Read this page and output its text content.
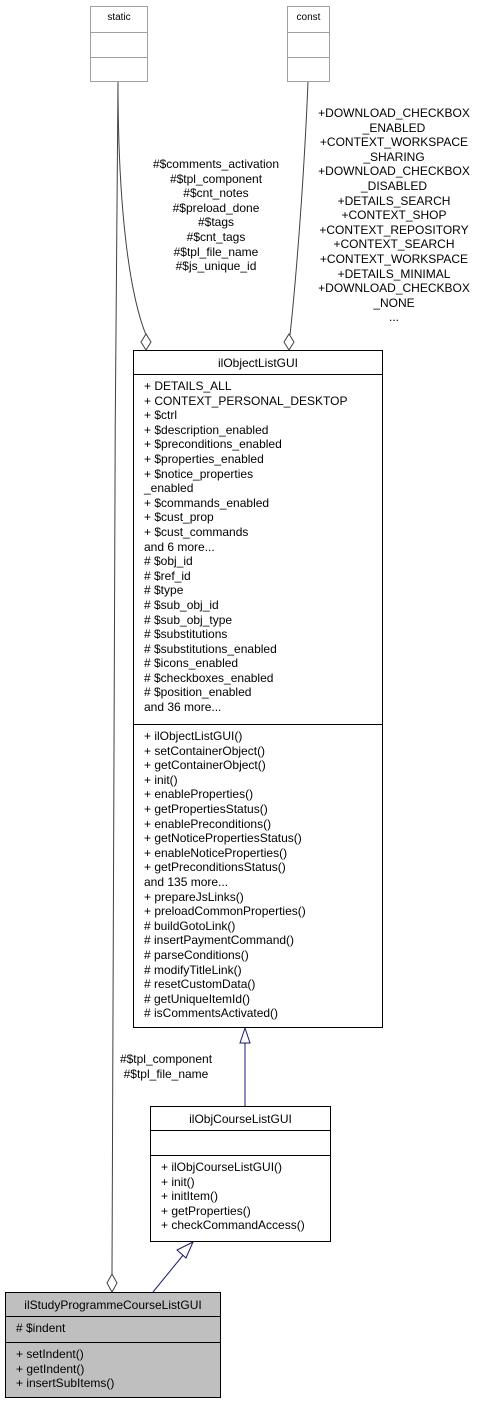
static	const
#$comments_activation
#$tpl_component
#$cnt_notes
#$preload_done
#$tags
#$cnt_tags
#$tpl_file_name
#$js_unique_id
+DOWNLOAD_CHECKBOX
_ENABLED
+CONTEXT_WORKSPACE
_SHARING
+DOWNLOAD_CHECKBOX
_DISABLED
+DETAILS_SEARCH
+CONTEXT_SHOP
+CONTEXT_REPOSITORY
+CONTEXT_SEARCH
+CONTEXT_WORKSPACE
+DETAILS_MINIMAL
+DOWNLOAD_CHECKBOX
_NONE
...
ilObjectListGUI
+ DETAILS_ALL
+ CONTEXT_PERSONAL_DESKTOP
+ $ctrl
+ $description_enabled
+ $preconditions_enabled
+ $properties_enabled
+ $notice_properties
_enabled
+ $commands_enabled
+ $cust_prop
+ $cust_commands
and 6 more...
# $obj_id
# $ref_id
# $type
# $sub_obj_id
# $sub_obj_type
# $substitutions
# $substitutions_enabled
# $icons_enabled
# $checkboxes_enabled
# $position_enabled
and 36 more...
+ ilObjectListGUI()
+ setContainerObject()
+ getContainerObject()
+ init()
+ enableProperties()
+ getPropertiesStatus()
+ enablePreconditions()
+ getNoticePropertiesStatus()
+ enableNoticeProperties()
+ getPreconditionsStatus()
and 135 more...
+ prepareJsLinks()
+ preloadCommonProperties()
# buildGotoLink()
# insertPaymentCommand()
# parseConditions()
# modifyTitleLink()
# resetCustomData()
# getUniqueItemId()
# isCommentsActivated()
#$tpl_component
#$tpl_file_name
ilObjCourseListGUI
+ ilObjCourseListGUI()
+ init()
+ initItem()
+ getProperties()
+ checkCommandAccess()
ilStudyProgrammeCourseListGUI
# $indent
+ setIndent()
+ getIndent()
+ insertSubItems()
